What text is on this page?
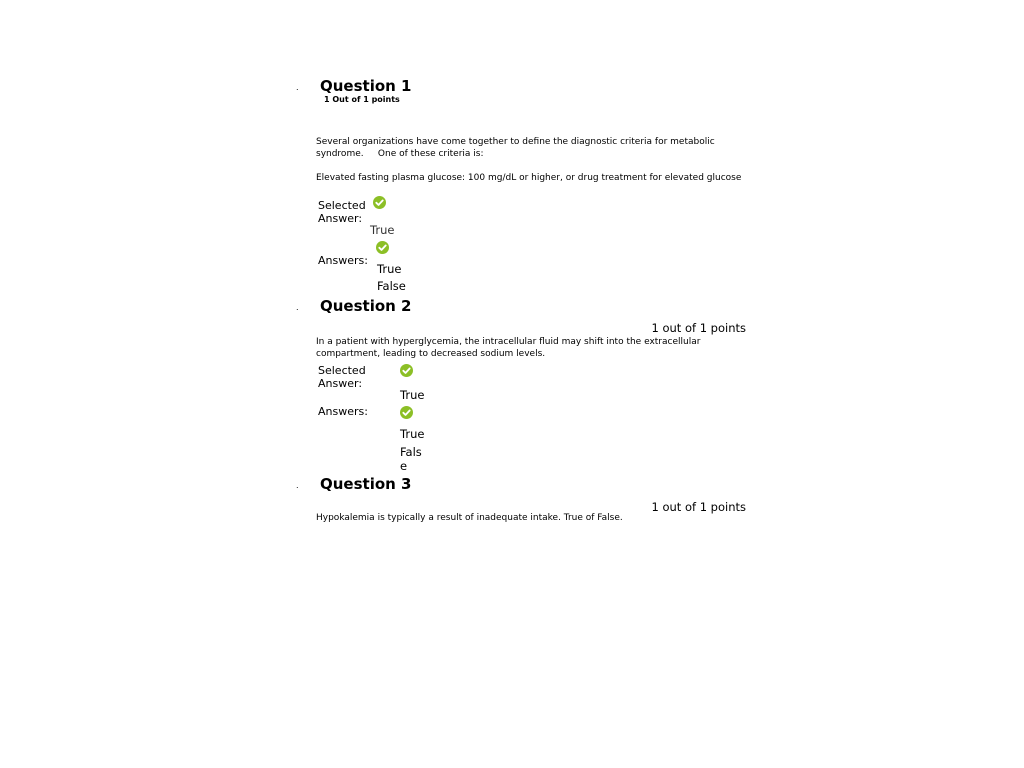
. Question 1
1 Out of 1 points
Several organizations have come together to define the diagnostic criteria for metabolic syndrome.     One of these criteria is:
Elevated fasting plasma glucose: 100 mg/dL or higher, or drug treatment for elevated glucose
Selected Answer:
True
Answers:
True
False
. Question 2
1 out of 1 points
In a patient with hyperglycemia, the intracellular fluid may shift into the extracellular compartment, leading to decreased sodium levels.
Selected Answer:
True
Answers:
True
False
. Question 3
1 out of 1 points
Hypokalemia is typically a result of inadequate intake. True of False.
